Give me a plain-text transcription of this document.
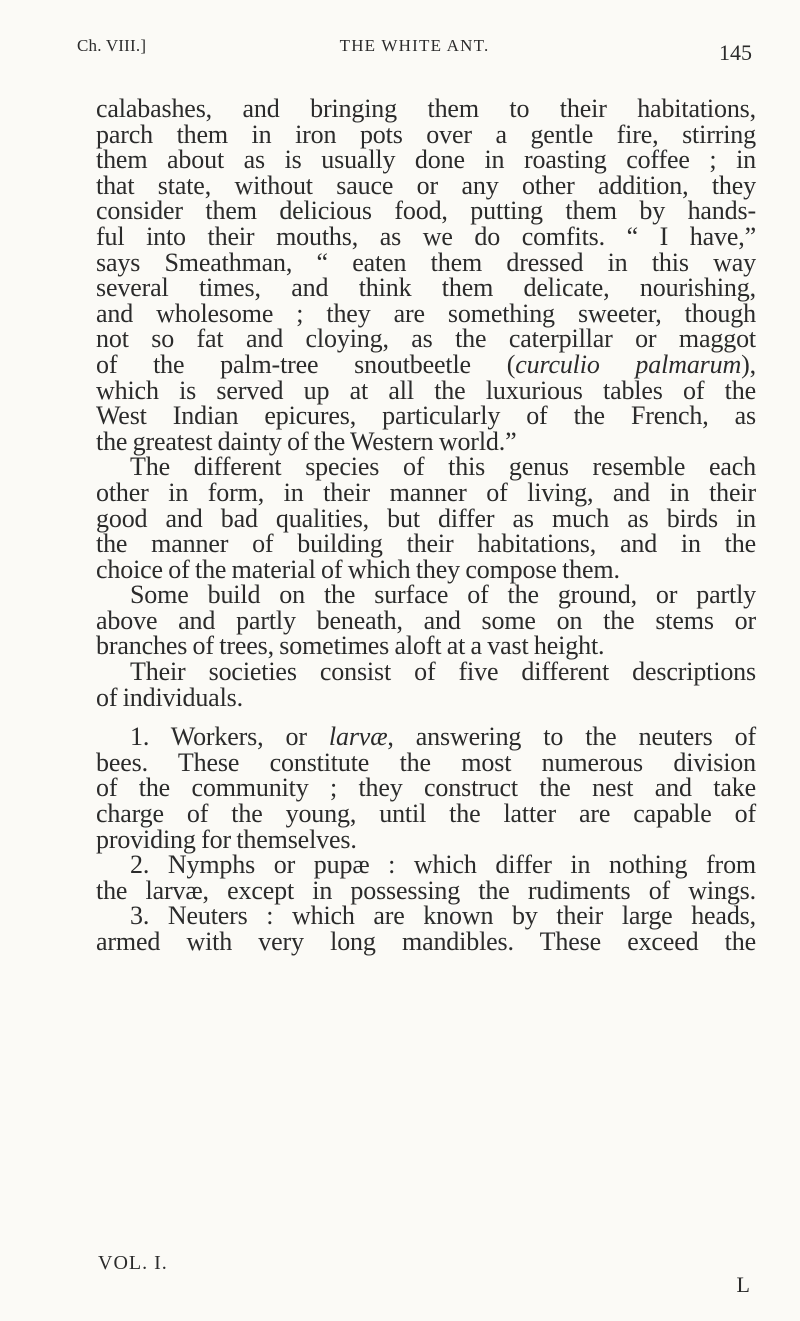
Ch. VIII.]	THE WHITE ANT.	145
calabashes, and bringing them to their habitations,
parch them in iron pots over a gentle fire, stirring
them about as is usually done in roasting coffee ; in
that state, without sauce or any other addition, they
consider them delicious food, putting them by hands-
ful into their mouths, as we do comfits. “ I have,”
says Smeathman, “ eaten them dressed in this way
several times, and think them delicate, nourishing,
and wholesome ; they are something sweeter, though
not so fat and cloying, as the caterpillar or maggot
of the palm-tree snoutbeetle (curculio palmarum),
which is served up at all the luxurious tables of the
West Indian epicures, particularly of the French, as
the greatest dainty of the Western world.”
The different species of this genus resemble each
other in form, in their manner of living, and in their
good and bad qualities, but differ as much as birds in
the manner of building their habitations, and in the
choice of the material of which they compose them.
Some build on the surface of the ground, or partly
above and partly beneath, and some on the stems or
branches of trees, sometimes aloft at a vast height.
Their societies consist of five different descriptions
of individuals.
1. Workers, or larvæ, answering to the neuters of
bees. These constitute the most numerous division
of the community ; they construct the nest and take
charge of the young, until the latter are capable of
providing for themselves.
2. Nymphs or pupæ : which differ in nothing from
the larvæ, except in possessing the rudiments of wings.
3. Neuters : which are known by their large heads,
armed with very long mandibles. These exceed the
VOL. I.
L
